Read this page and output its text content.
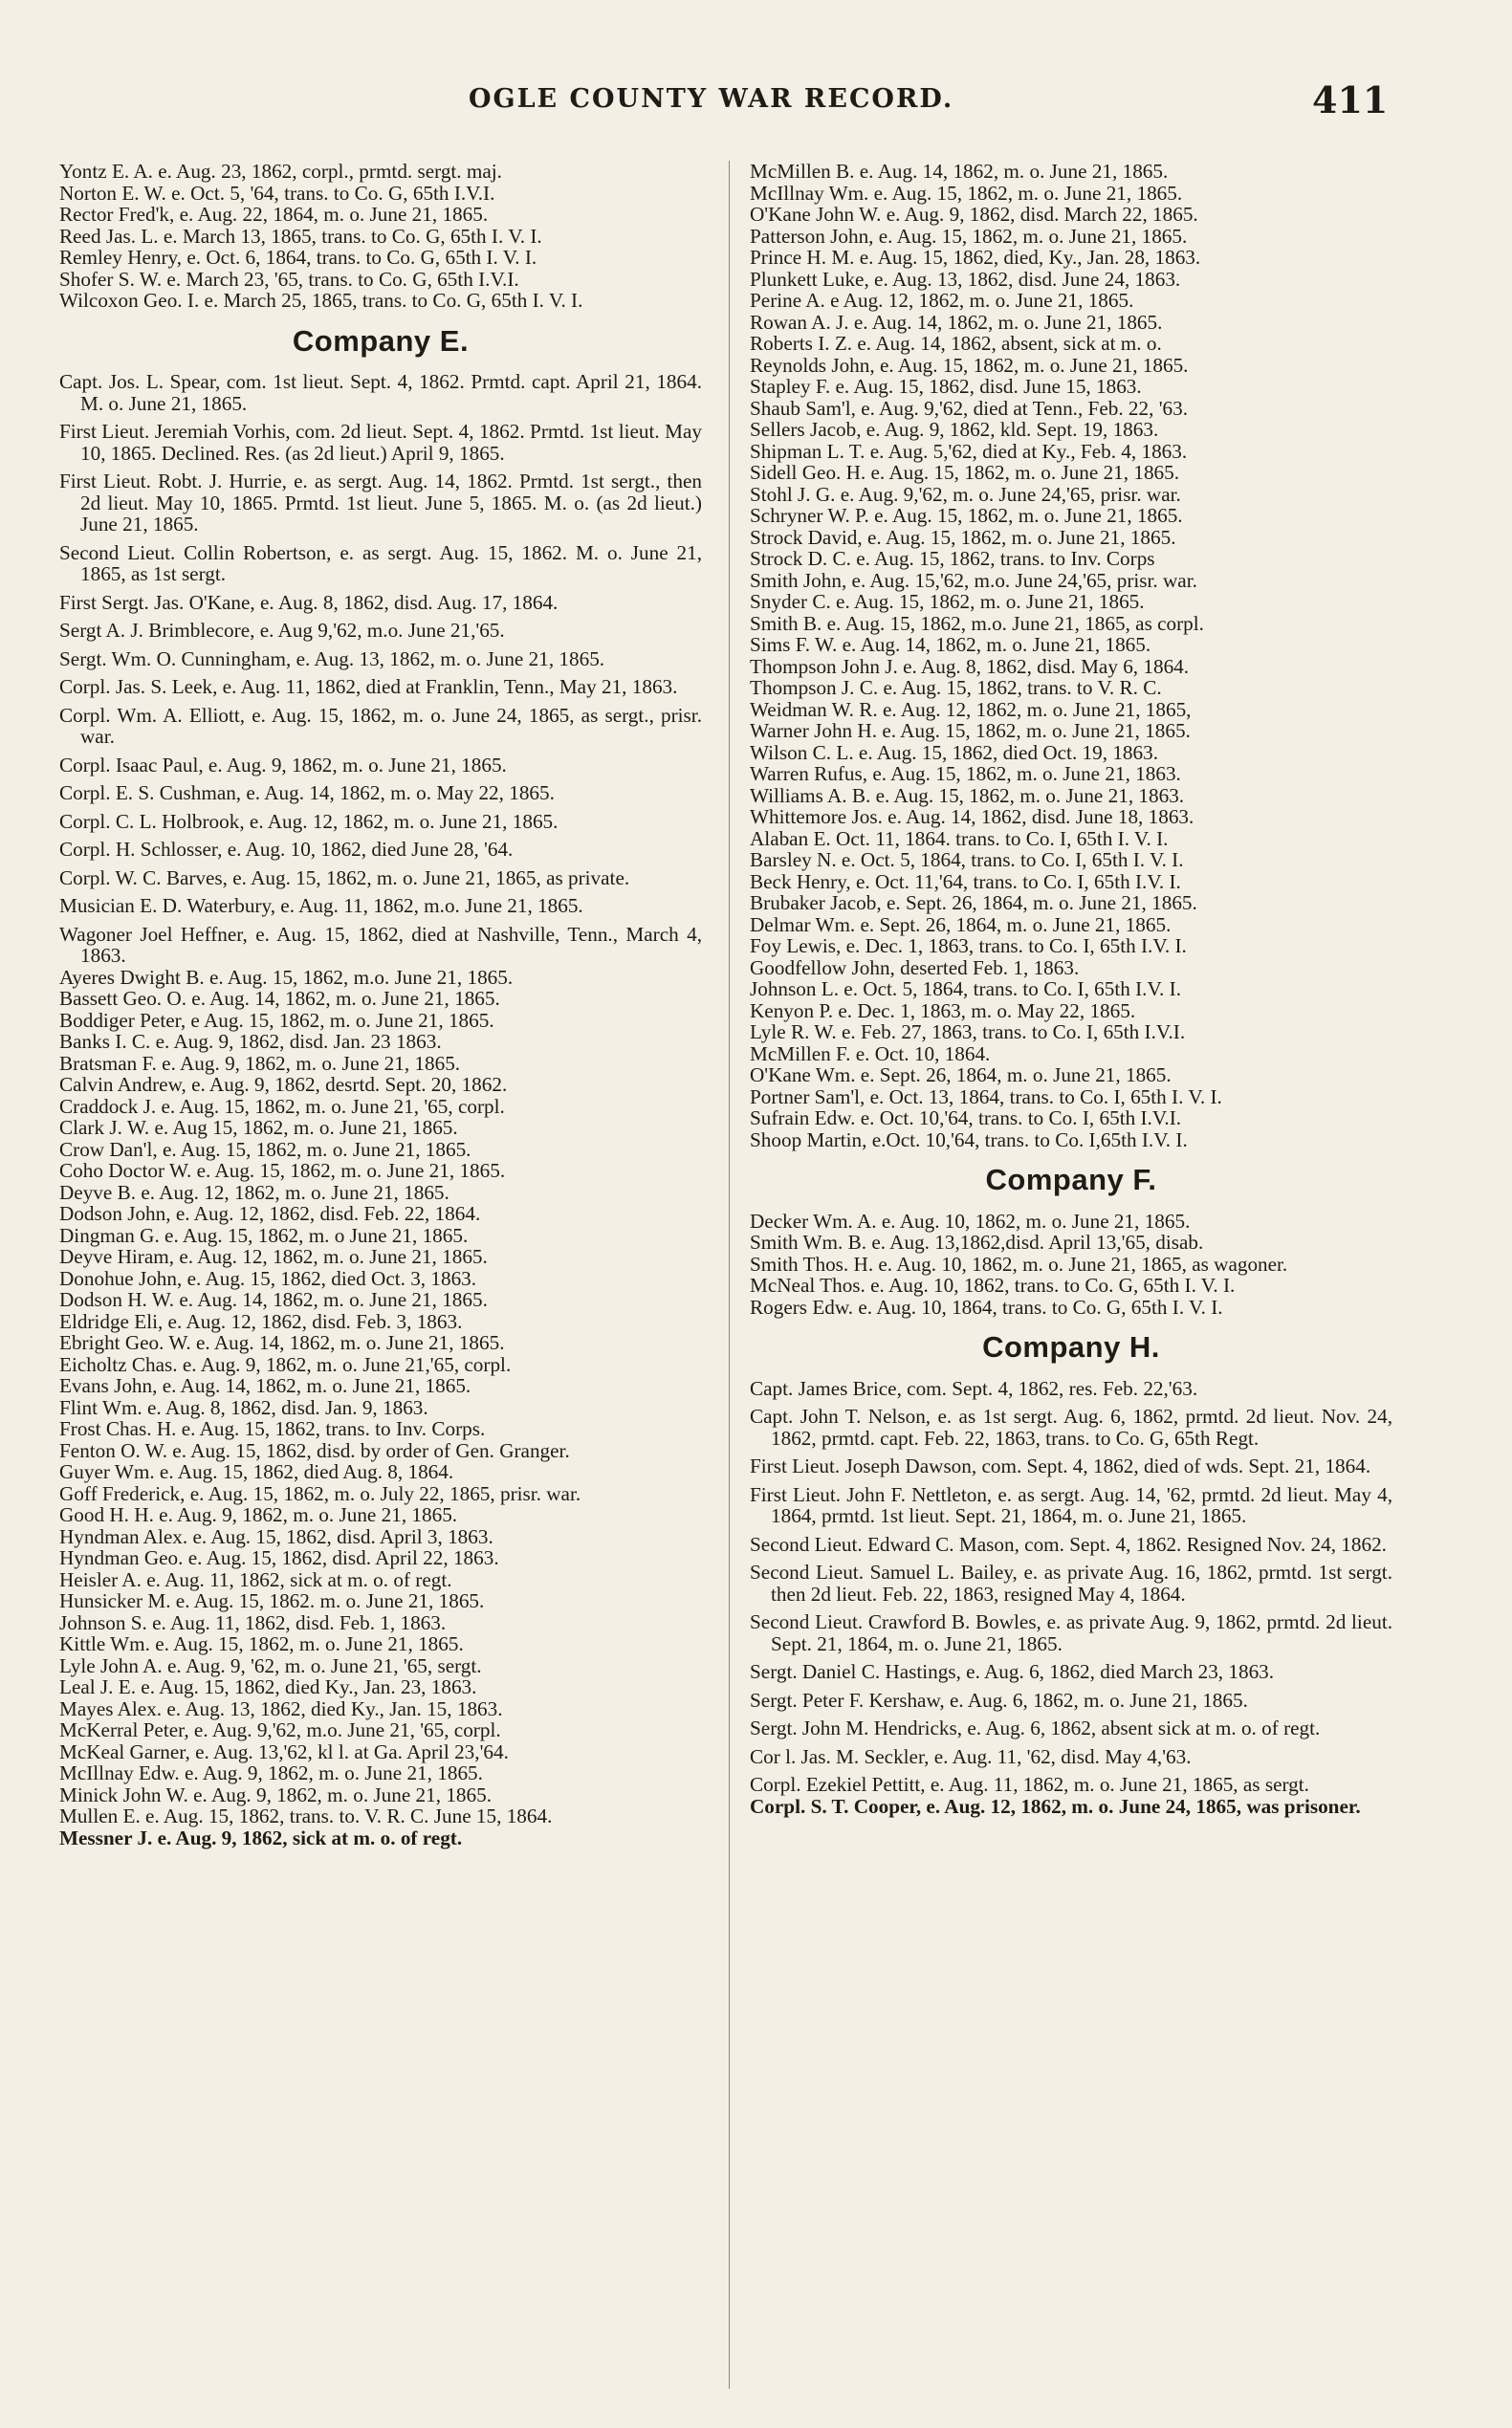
OGLE COUNTY WAR RECORD.	411

Yontz E. A. e. Aug. 23, 1862, corpl., prmtd. sergt. maj.

Norton E. W. e. Oct. 5, '64, trans. to Co. G, 65th I.V.I.

Rector Fred'k, e. Aug. 22, 1864, m. o. June 21, 1865.

Reed Jas. L. e. March 13, 1865, trans. to Co. G, 65th I. V. I.

Remley Henry, e. Oct. 6, 1864, trans. to Co. G, 65th I. V. I.

Shofer S. W. e. March 23, '65, trans. to Co. G, 65th I.V.I.

Wilcoxon Geo. I. e. March 25, 1865, trans. to Co. G, 65th I. V. I.

Company E.

Capt. Jos. L. Spear, com. 1st lieut. Sept. 4, 1862. Prmtd. capt. April 21, 1864. M. o. June 21, 1865.

First Lieut. Jeremiah Vorhis, com. 2d lieut. Sept. 4, 1862. Prmtd. 1st lieut. May 10, 1865. Declined. Res. (as 2d lieut.) April 9, 1865.

First Lieut. Robt. J. Hurrie, e. as sergt. Aug. 14, 1862. Prmtd. 1st sergt., then 2d lieut. May 10, 1865. Prmtd. 1st lieut. June 5, 1865. M. o. (as 2d lieut.) June 21, 1865.

Second Lieut. Collin Robertson, e. as sergt. Aug. 15, 1862. M. o. June 21, 1865, as 1st sergt.

First Sergt. Jas. O'Kane, e. Aug. 8, 1862, disd. Aug. 17, 1864.

Sergt A. J. Brimblecore, e. Aug 9,'62, m.o. June 21,'65.

Sergt. Wm. O. Cunningham, e. Aug. 13, 1862, m. o. June 21, 1865.

Corpl. Jas. S. Leek, e. Aug. 11, 1862, died at Franklin, Tenn., May 21, 1863.

Corpl. Wm. A. Elliott, e. Aug. 15, 1862, m. o. June 24, 1865, as sergt., prisr. war.

Corpl. Isaac Paul, e. Aug. 9, 1862, m. o. June 21, 1865.

Corpl. E. S. Cushman, e. Aug. 14, 1862, m. o. May 22, 1865.

Corpl. C. L. Holbrook, e. Aug. 12, 1862, m. o. June 21, 1865.

Corpl. H. Schlosser, e. Aug. 10, 1862, died June 28, '64.

Corpl. W. C. Barves, e. Aug. 15, 1862, m. o. June 21, 1865, as private.

Musician E. D. Waterbury, e. Aug. 11, 1862, m.o. June 21, 1865.

Wagoner Joel Heffner, e. Aug. 15, 1862, died at Nashville, Tenn., March 4, 1863.

Ayeres Dwight B. e. Aug. 15, 1862, m.o. June 21, 1865.

Bassett Geo. O. e. Aug. 14, 1862, m. o. June 21, 1865.

Boddiger Peter, e Aug. 15, 1862, m. o. June 21, 1865.

Banks I. C. e. Aug. 9, 1862, disd. Jan. 23 1863.

Bratsman F. e. Aug. 9, 1862, m. o. June 21, 1865.

Calvin Andrew, e. Aug. 9, 1862, desrtd. Sept. 20, 1862.

Craddock J. e. Aug. 15, 1862, m. o. June 21, '65, corpl.

Clark J. W. e. Aug 15, 1862, m. o. June 21, 1865.

Crow Dan'l, e. Aug. 15, 1862, m. o. June 21, 1865.

Coho Doctor W. e. Aug. 15, 1862, m. o. June 21, 1865.

Deyve B. e. Aug. 12, 1862, m. o. June 21, 1865.

Dodson John, e. Aug. 12, 1862, disd. Feb. 22, 1864.

Dingman G. e. Aug. 15, 1862, m. o June 21, 1865.

Deyve Hiram, e. Aug. 12, 1862, m. o. June 21, 1865.

Donohue John, e. Aug. 15, 1862, died Oct. 3, 1863.

Dodson H. W. e. Aug. 14, 1862, m. o. June 21, 1865.

Eldridge Eli, e. Aug. 12, 1862, disd. Feb. 3, 1863.

Ebright Geo. W. e. Aug. 14, 1862, m. o. June 21, 1865.

Eicholtz Chas. e. Aug. 9, 1862, m. o. June 21,'65, corpl.

Evans John, e. Aug. 14, 1862, m. o. June 21, 1865.

Flint Wm. e. Aug. 8, 1862, disd. Jan. 9, 1863.

Frost Chas. H. e. Aug. 15, 1862, trans. to Inv. Corps.

Fenton O. W. e. Aug. 15, 1862, disd. by order of Gen. Granger.

Guyer Wm. e. Aug. 15, 1862, died Aug. 8, 1864.

Goff Frederick, e. Aug. 15, 1862, m. o. July 22, 1865, prisr. war.

Good H. H. e. Aug. 9, 1862, m. o. June 21, 1865.

Hyndman Alex. e. Aug. 15, 1862, disd. April 3, 1863.

Hyndman Geo. e. Aug. 15, 1862, disd. April 22, 1863.

Heisler A. e. Aug. 11, 1862, sick at m. o. of regt.

Hunsicker M. e. Aug. 15, 1862. m. o. June 21, 1865.

Johnson S. e. Aug. 11, 1862, disd. Feb. 1, 1863.

Kittle Wm. e. Aug. 15, 1862, m. o. June 21, 1865.

Lyle John A. e. Aug. 9, '62, m. o. June 21, '65, sergt.

Leal J. E. e. Aug. 15, 1862, died Ky., Jan. 23, 1863.

Mayes Alex. e. Aug. 13, 1862, died Ky., Jan. 15, 1863.

McKerral Peter, e. Aug. 9,'62, m.o. June 21, '65, corpl.

McKeal Garner, e. Aug. 13,'62, kl l. at Ga. April 23,'64.

McIllnay Edw. e. Aug. 9, 1862, m. o. June 21, 1865.

Minick John W. e. Aug. 9, 1862, m. o. June 21, 1865.

Mullen E. e. Aug. 15, 1862, trans. to. V. R. C. June 15, 1864.

Messner J. e. Aug. 9, 1862, sick at m. o. of regt.

McMillen B. e. Aug. 14, 1862, m. o. June 21, 1865.

McIllnay Wm. e. Aug. 15, 1862, m. o. June 21, 1865.

O'Kane John W. e. Aug. 9, 1862, disd. March 22, 1865.

Patterson John, e. Aug. 15, 1862, m. o. June 21, 1865.

Prince H. M. e. Aug. 15, 1862, died, Ky., Jan. 28, 1863.

Plunkett Luke, e. Aug. 13, 1862, disd. June 24, 1863.

Perine A. e Aug. 12, 1862, m. o. June 21, 1865.

Rowan A. J. e. Aug. 14, 1862, m. o. June 21, 1865.

Roberts I. Z. e. Aug. 14, 1862, absent, sick at m. o.

Reynolds John, e. Aug. 15, 1862, m. o. June 21, 1865.

Stapley F. e. Aug. 15, 1862, disd. June 15, 1863.

Shaub Sam'l, e. Aug. 9,'62, died at Tenn., Feb. 22, '63.

Sellers Jacob, e. Aug. 9, 1862, kld. Sept. 19, 1863.

Shipman L. T. e. Aug. 5,'62, died at Ky., Feb. 4, 1863.

Sidell Geo. H. e. Aug. 15, 1862, m. o. June 21, 1865.

Stohl J. G. e. Aug. 9,'62, m. o. June 24,'65, prisr. war.

Schryner W. P. e. Aug. 15, 1862, m. o. June 21, 1865.

Strock David, e. Aug. 15, 1862, m. o. June 21, 1865.

Strock D. C. e. Aug. 15, 1862, trans. to Inv. Corps

Smith John, e. Aug. 15,'62, m.o. June 24,'65, prisr. war.

Snyder C. e. Aug. 15, 1862, m. o. June 21, 1865.

Smith B. e. Aug. 15, 1862, m.o. June 21, 1865, as corpl.

Sims F. W. e. Aug. 14, 1862, m. o. June 21, 1865.

Thompson John J. e. Aug. 8, 1862, disd. May 6, 1864.

Thompson J. C. e. Aug. 15, 1862, trans. to V. R. C.

Weidman W. R. e. Aug. 12, 1862, m. o. June 21, 1865,

Warner John H. e. Aug. 15, 1862, m. o. June 21, 1865.

Wilson C. L. e. Aug. 15, 1862, died Oct. 19, 1863.

Warren Rufus, e. Aug. 15, 1862, m. o. June 21, 1863.

Williams A. B. e. Aug. 15, 1862, m. o. June 21, 1863.

Whittemore Jos. e. Aug. 14, 1862, disd. June 18, 1863.

Alaban E. Oct. 11, 1864. trans. to Co. I, 65th I. V. I.

Barsley N. e. Oct. 5, 1864, trans. to Co. I, 65th I. V. I.

Beck Henry, e. Oct. 11,'64, trans. to Co. I, 65th I.V. I.

Brubaker Jacob, e. Sept. 26, 1864, m. o. June 21, 1865.

Delmar Wm. e. Sept. 26, 1864, m. o. June 21, 1865.

Foy Lewis, e. Dec. 1, 1863, trans. to Co. I, 65th I.V. I.

Goodfellow John, deserted Feb. 1, 1863.

Johnson L. e. Oct. 5, 1864, trans. to Co. I, 65th I.V. I.

Kenyon P. e. Dec. 1, 1863, m. o. May 22, 1865.

Lyle R. W. e. Feb. 27, 1863, trans. to Co. I, 65th I.V.I.

McMillen F. e. Oct. 10, 1864.

O'Kane Wm. e. Sept. 26, 1864, m. o. June 21, 1865.

Portner Sam'l, e. Oct. 13, 1864, trans. to Co. I, 65th I. V. I.

Sufrain Edw. e. Oct. 10,'64, trans. to Co. I, 65th I.V.I.

Shoop Martin, e.Oct. 10,'64, trans. to Co. I,65th I.V. I.

Company F.

Decker Wm. A. e. Aug. 10, 1862, m. o. June 21, 1865.

Smith Wm. B. e. Aug. 13,1862,disd. April 13,'65, disab.

Smith Thos. H. e. Aug. 10, 1862, m. o. June 21, 1865, as wagoner.

McNeal Thos. e. Aug. 10, 1862, trans. to Co. G, 65th I. V. I.

Rogers Edw. e. Aug. 10, 1864, trans. to Co. G, 65th I. V. I.

Company H.

Capt. James Brice, com. Sept. 4, 1862, res. Feb. 22,'63.

Capt. John T. Nelson, e. as 1st sergt. Aug. 6, 1862, prmtd. 2d lieut. Nov. 24, 1862, prmtd. capt. Feb. 22, 1863, trans. to Co. G, 65th Regt.

First Lieut. Joseph Dawson, com. Sept. 4, 1862, died of wds. Sept. 21, 1864.

First Lieut. John F. Nettleton, e. as sergt. Aug. 14, '62, prmtd. 2d lieut. May 4, 1864, prmtd. 1st lieut. Sept. 21, 1864, m. o. June 21, 1865.

Second Lieut. Edward C. Mason, com. Sept. 4, 1862. Resigned Nov. 24, 1862.

Second Lieut. Samuel L. Bailey, e. as private Aug. 16, 1862, prmtd. 1st sergt. then 2d lieut. Feb. 22, 1863, resigned May 4, 1864.

Second Lieut. Crawford B. Bowles, e. as private Aug. 9, 1862, prmtd. 2d lieut. Sept. 21, 1864, m. o. June 21, 1865.

Sergt. Daniel C. Hastings, e. Aug. 6, 1862, died March 23, 1863.

Sergt. Peter F. Kershaw, e. Aug. 6, 1862, m. o. June 21, 1865.

Sergt. John M. Hendricks, e. Aug. 6, 1862, absent sick at m. o. of regt.

Cor l. Jas. M. Seckler, e. Aug. 11, '62, disd. May 4,'63.

Corpl. Ezekiel Pettitt, e. Aug. 11, 1862, m. o. June 21, 1865, as sergt.

Corpl. S. T. Cooper, e. Aug. 12, 1862, m. o. June 24, 1865, was prisoner.
